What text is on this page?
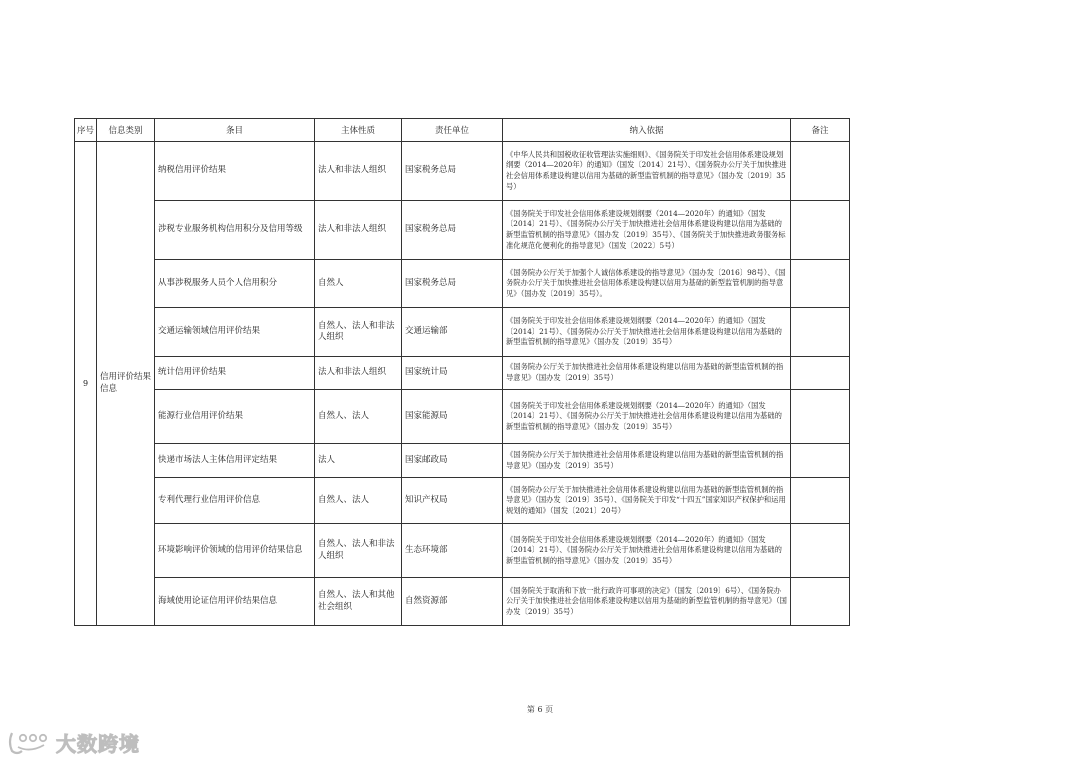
序号	信息类别	条目	主体性质	责任单位	纳入依据	备注
9	信用评价结果信息	纳税信用评价结果	法人和非法人组织	国家税务总局	《中华人民共和国税收征收管理法实施细则》、《国务院关于印发社会信用体系建设规划纲要（2014—2020年）的通知》（国发〔2014〕21号）、《国务院办公厅关于加快推进社会信用体系建设构建以信用为基础的新型监管机制的指导意见》（国办发〔2019〕35号）	
		涉税专业服务机构信用积分及信用等级	法人和非法人组织	国家税务总局	《国务院关于印发社会信用体系建设规划纲要（2014—2020年）的通知》（国发〔2014〕21号）、《国务院办公厅关于加快推进社会信用体系建设构建以信用为基础的新型监管机制的指导意见》（国办发〔2019〕35号）、《国务院关于加快推进政务服务标准化规范化便利化的指导意见》（国发〔2022〕5号）	
		从事涉税服务人员个人信用积分	自然人	国家税务总局	《国务院办公厅关于加强个人诚信体系建设的指导意见》（国办发〔2016〕98号）、《国务院办公厅关于加快推进社会信用体系建设构建以信用为基础的新型监管机制的指导意见》（国办发〔2019〕35号）。	
		交通运输领域信用评价结果	自然人、法人和非法人组织	交通运输部	《国务院关于印发社会信用体系建设规划纲要（2014—2020年）的通知》（国发〔2014〕21号）、《国务院办公厅关于加快推进社会信用体系建设构建以信用为基础的新型监管机制的指导意见》（国办发〔2019〕35号）	
		统计信用评价结果	法人和非法人组织	国家统计局	《国务院办公厅关于加快推进社会信用体系建设构建以信用为基础的新型监管机制的指导意见》（国办发〔2019〕35号）	
		能源行业信用评价结果	自然人、法人	国家能源局	《国务院关于印发社会信用体系建设规划纲要（2014—2020年）的通知》（国发〔2014〕21号）、《国务院办公厅关于加快推进社会信用体系建设构建以信用为基础的新型监管机制的指导意见》（国办发〔2019〕35号）	
		快递市场法人主体信用评定结果	法人	国家邮政局	《国务院办公厅关于加快推进社会信用体系建设构建以信用为基础的新型监管机制的指导意见》（国办发〔2019〕35号）	
		专利代理行业信用评价信息	自然人、法人	知识产权局	《国务院办公厅关于加快推进社会信用体系建设构建以信用为基础的新型监管机制的指导意见》（国办发〔2019〕35号）、《国务院关于印发“十四五”国家知识产权保护和运用规划的通知》（国发〔2021〕20号）	
		环境影响评价领域的信用评价结果信息	自然人、法人和非法人组织	生态环境部	《国务院关于印发社会信用体系建设规划纲要（2014—2020年）的通知》（国发〔2014〕21号）、《国务院办公厅关于加快推进社会信用体系建设构建以信用为基础的新型监管机制的指导意见》（国办发〔2019〕35号）	
		海域使用论证信用评价结果信息	自然人、法人和其他社会组织	自然资源部	《国务院关于取消和下放一批行政许可事项的决定》（国发〔2019〕6号）、《国务院办公厅关于加快推进社会信用体系建设构建以信用为基础的新型监管机制的指导意见》（国办发〔2019〕35号）	
第 6 页
大数跨境
